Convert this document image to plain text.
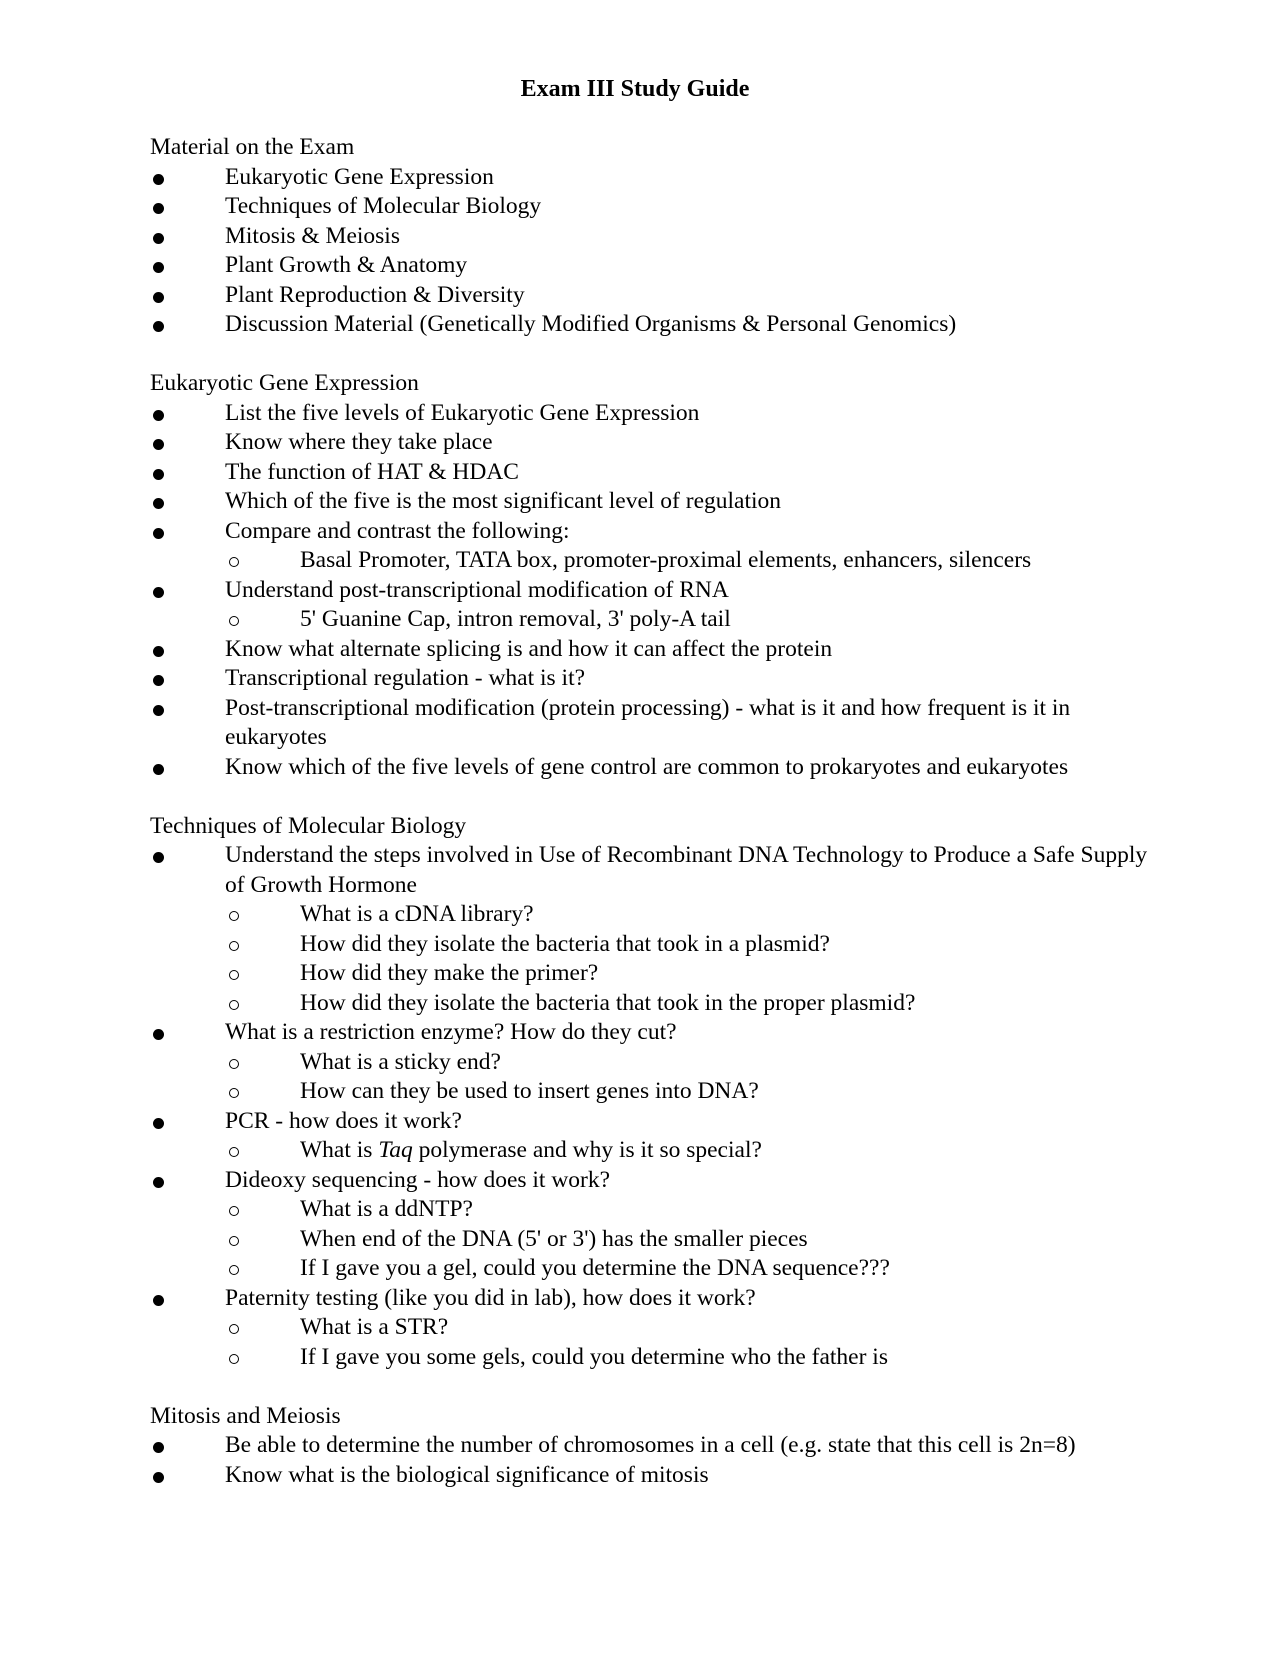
Exam III Study Guide
Material on the Exam
Eukaryotic Gene Expression
Techniques of Molecular Biology
Mitosis & Meiosis
Plant Growth & Anatomy
Plant Reproduction & Diversity
Discussion Material (Genetically Modified Organisms & Personal Genomics)
Eukaryotic Gene Expression
List the five levels of Eukaryotic Gene Expression
Know where they take place
The function of HAT & HDAC
Which of the five is the most significant level of regulation
Compare and contrast the following:
Basal Promoter, TATA box, promoter-proximal elements, enhancers, silencers
Understand post-transcriptional modification of RNA
5' Guanine Cap, intron removal, 3' poly-A tail
Know what alternate splicing is and how it can affect the protein
Transcriptional regulation - what is it?
Post-transcriptional modification (protein processing) - what is it and how frequent is it in eukaryotes
Know which of the five levels of gene control are common to prokaryotes and eukaryotes
Techniques of Molecular Biology
Understand the steps involved in Use of Recombinant DNA Technology to Produce a Safe Supply of Growth Hormone
What is a cDNA library?
How did they isolate the bacteria that took in a plasmid?
How did they make the primer?
How did they isolate the bacteria that took in the proper plasmid?
What is a restriction enzyme? How do they cut?
What is a sticky end?
How can they be used to insert genes into DNA?
PCR - how does it work?
What is Taq polymerase and why is it so special?
Dideoxy sequencing - how does it work?
What is a ddNTP?
When end of the DNA (5' or 3') has the smaller pieces
If I gave you a gel, could you determine the DNA sequence???
Paternity testing (like you did in lab), how does it work?
What is a STR?
If I gave you some gels, could you determine who the father is
Mitosis and Meiosis
Be able to determine the number of chromosomes in a cell (e.g. state that this cell is 2n=8)
Know what is the biological significance of mitosis
